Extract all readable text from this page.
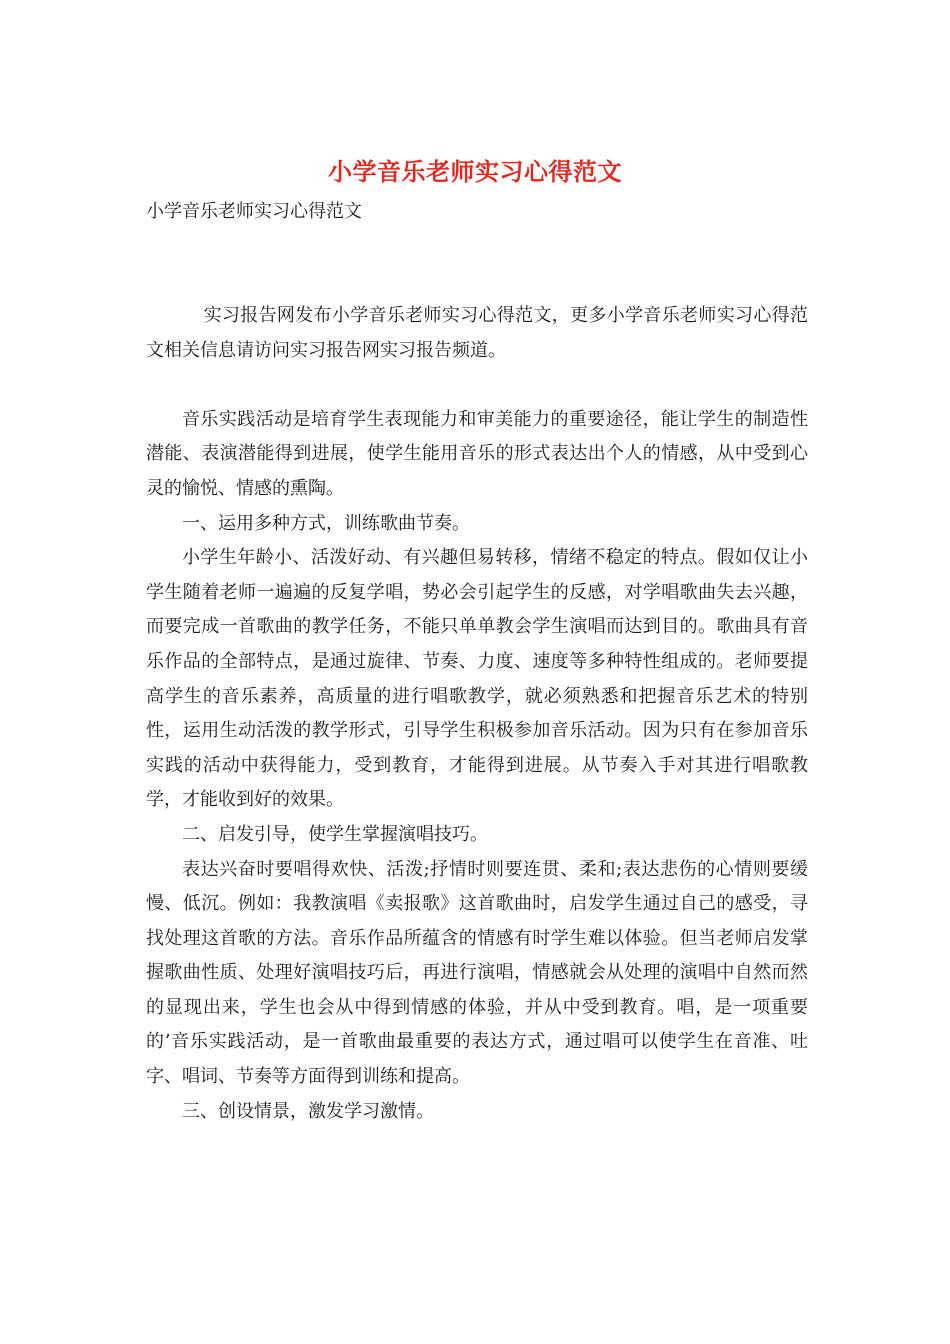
小学音乐老师实习心得范文
小学音乐老师实习心得范文

实习报告网发布小学音乐老师实习心得范文，更多小学音乐老师实习心得范文相关信息请访问实习报告网实习报告频道。

音乐实践活动是培育学生表现能力和审美能力的重要途径，能让学生的制造性潜能、表演潜能得到进展，使学生能用音乐的形式表达出个人的情感，从中受到心灵的愉悦、情感的熏陶。

一、运用多种方式，训练歌曲节奏。

小学生年龄小、活泼好动、有兴趣但易转移，情绪不稳定的特点。假如仅让小学生随着老师一遍遍的反复学唱，势必会引起学生的反感，对学唱歌曲失去兴趣，而要完成一首歌曲的教学任务，不能只单单教会学生演唱而达到目的。歌曲具有音乐作品的全部特点，是通过旋律、节奏、力度、速度等多种特性组成的。老师要提高学生的音乐素养，高质量的进行唱歌教学，就必须熟悉和把握音乐艺术的特别性，运用生动活泼的教学形式，引导学生积极参加音乐活动。因为只有在参加音乐实践的活动中获得能力，受到教育，才能得到进展。从节奏入手对其进行唱歌教学，才能收到好的效果。

二、启发引导，使学生掌握演唱技巧。

表达兴奋时要唱得欢快、活泼;抒情时则要连贯、柔和;表达悲伤的心情则要缓慢、低沉。例如：我教演唱《卖报歌》这首歌曲时，启发学生通过自己的感受，寻找处理这首歌的方法。音乐作品所蕴含的情感有时学生难以体验。但当老师启发掌握歌曲性质、处理好演唱技巧后，再进行演唱，情感就会从处理的演唱中自然而然的显现出来，学生也会从中得到情感的体验，并从中受到教育。唱，是一项重要的’音乐实践活动，是一首歌曲最重要的表达方式，通过唱可以使学生在音准、吐字、唱词、节奏等方面得到训练和提高。

三、创设情景，激发学习激情。
